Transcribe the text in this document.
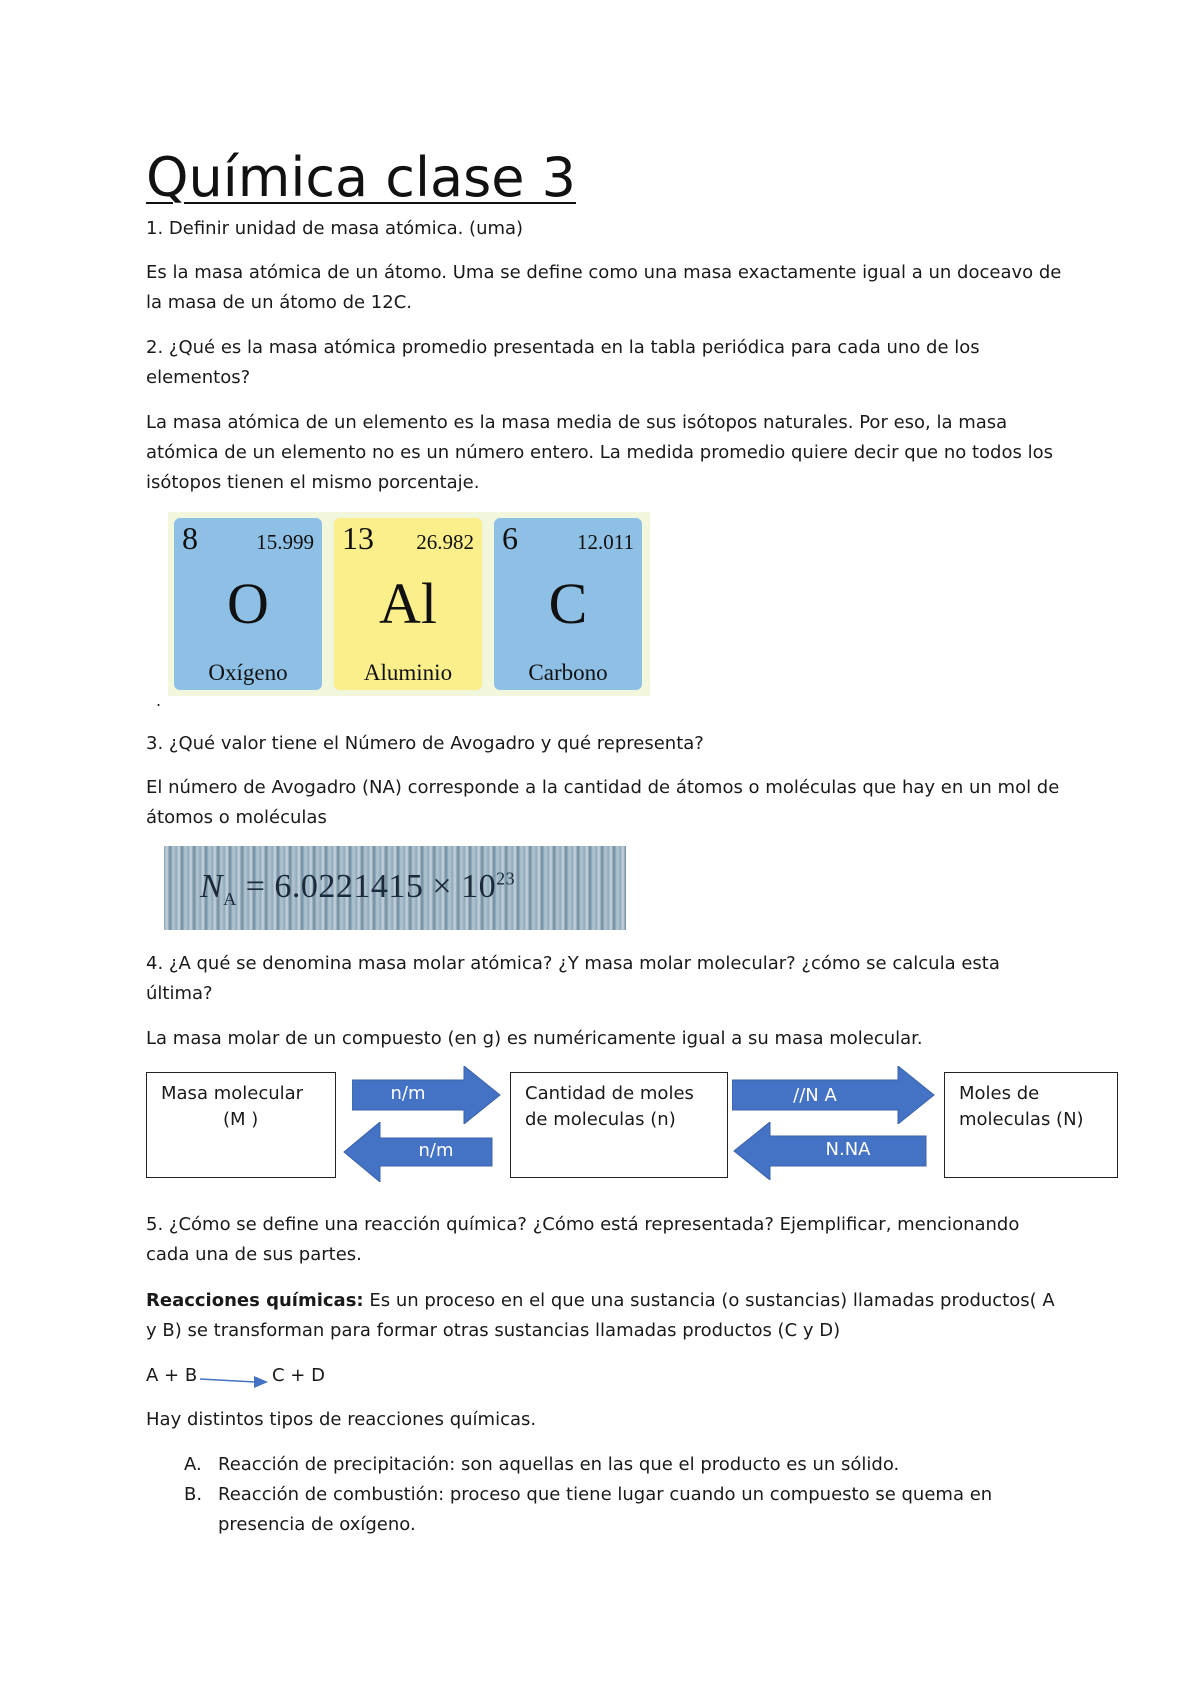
Química clase 3

1. Definir unidad de masa atómica. (uma)

Es la masa atómica de un átomo. Uma se define como una masa exactamente igual a un doceavo de la masa de un átomo de 12C.

2. ¿Qué es la masa atómica promedio presentada en la tabla periódica para cada uno de los elementos?

La masa atómica de un elemento es la masa media de sus isótopos naturales. Por eso, la masa atómica de un elemento no es un número entero. La medida promedio quiere decir que no todos los isótopos tienen el mismo porcentaje.

8	15.999
O
Oxígeno
13 26.982
Al
Aluminio
6	12.011
C
Carbono
.

3. ¿Qué valor tiene el Número de Avogadro y qué representa?

El número de Avogadro (NA) corresponde a la cantidad de átomos o moléculas que hay en un mol de átomos o moléculas

$N_A = 6.0221415 \times 10^{23}$

4. ¿A qué se denomina masa molar atómica? ¿Y masa molar molecular? ¿cómo se calcula esta última?

La masa molar de un compuesto (en g) es numéricamente igual a su masa molecular.

Masa molecular
(M )
Cantidad de moles
de moleculas (n)
Moles de
moleculas (N)
n/m
n/m
//N A
N.NA

5. ¿Cómo se define una reacción química? ¿Cómo está representada? Ejemplificar, mencionando cada una de sus partes.

Reacciones químicas: Es un proceso en el que una sustancia (o sustancias) llamadas productos( A y B) se transforman para formar otras sustancias llamadas productos (C y D)

A + B	C + D

Hay distintos tipos de reacciones químicas.

A. Reacción de precipitación: son aquellas en las que el producto es un sólido.
B. Reacción de combustión: proceso que tiene lugar cuando un compuesto se quema en presencia de oxígeno.
